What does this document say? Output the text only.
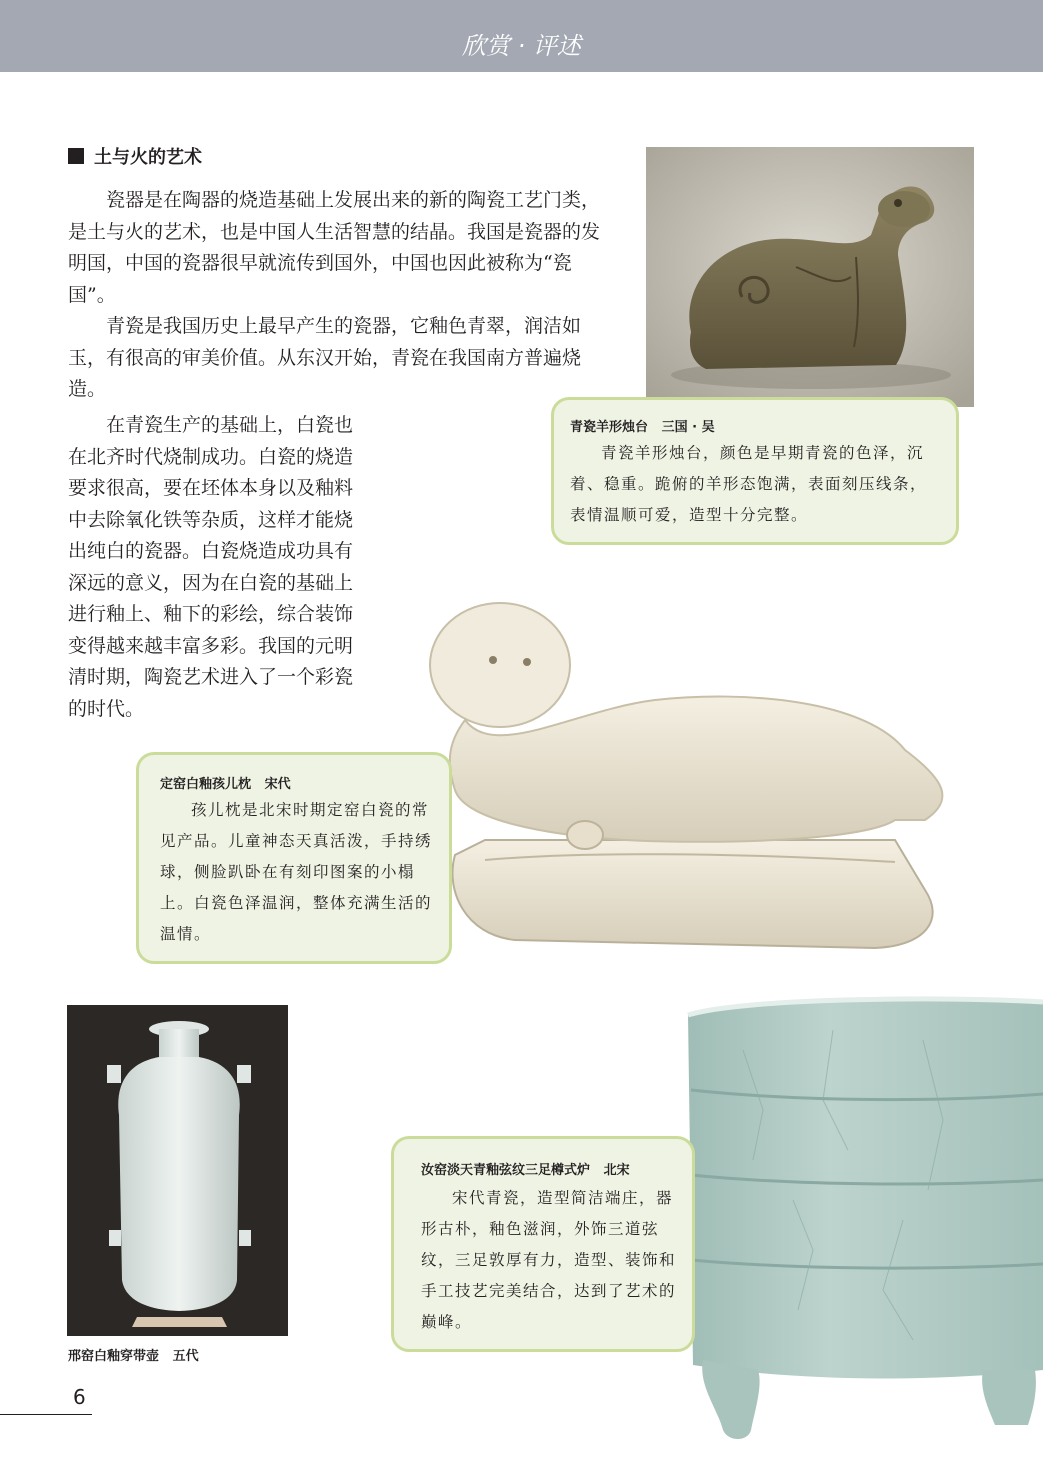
欣赏 · 评述
土与火的艺术

瓷器是在陶器的烧造基础上发展出来的新的陶瓷工艺门类，是土与火的艺术，也是中国人生活智慧的结晶。我国是瓷器的发明国，中国的瓷器很早就流传到国外，中国也因此被称为“瓷国”。

青瓷是我国历史上最早产生的瓷器，它釉色青翠，润洁如玉，有很高的审美价值。从东汉开始，青瓷在我国南方普遍烧造。

在青瓷生产的基础上，白瓷也在北齐时代烧制成功。白瓷的烧造要求很高，要在坯体本身以及釉料中去除氧化铁等杂质，这样才能烧出纯白的瓷器。白瓷烧造成功具有深远的意义，因为在白瓷的基础上进行釉上、釉下的彩绘，综合装饰变得越来越丰富多彩。我国的元明清时期，陶瓷艺术进入了一个彩瓷的时代。

青瓷羊形烛台   三国 · 吴

青瓷羊形烛台，颜色是早期青瓷的色泽，沉着、稳重。跪俯的羊形态饱满，表面刻压线条，表情温顺可爱，造型十分完整。

定窑白釉孩儿枕   宋代

孩儿枕是北宋时期定窑白瓷的常见产品。儿童神态天真活泼，手持绣球，侧脸趴卧在有刻印图案的小榻上。白瓷色泽温润，整体充满生活的温情。

邢窑白釉穿带壶   五代
汝窑淡天青釉弦纹三足樽式炉   北宋

宋代青瓷，造型简洁端庄，器形古朴，釉色滋润，外饰三道弦纹，三足敦厚有力，造型、装饰和手工技艺完美结合，达到了艺术的巅峰。

6
